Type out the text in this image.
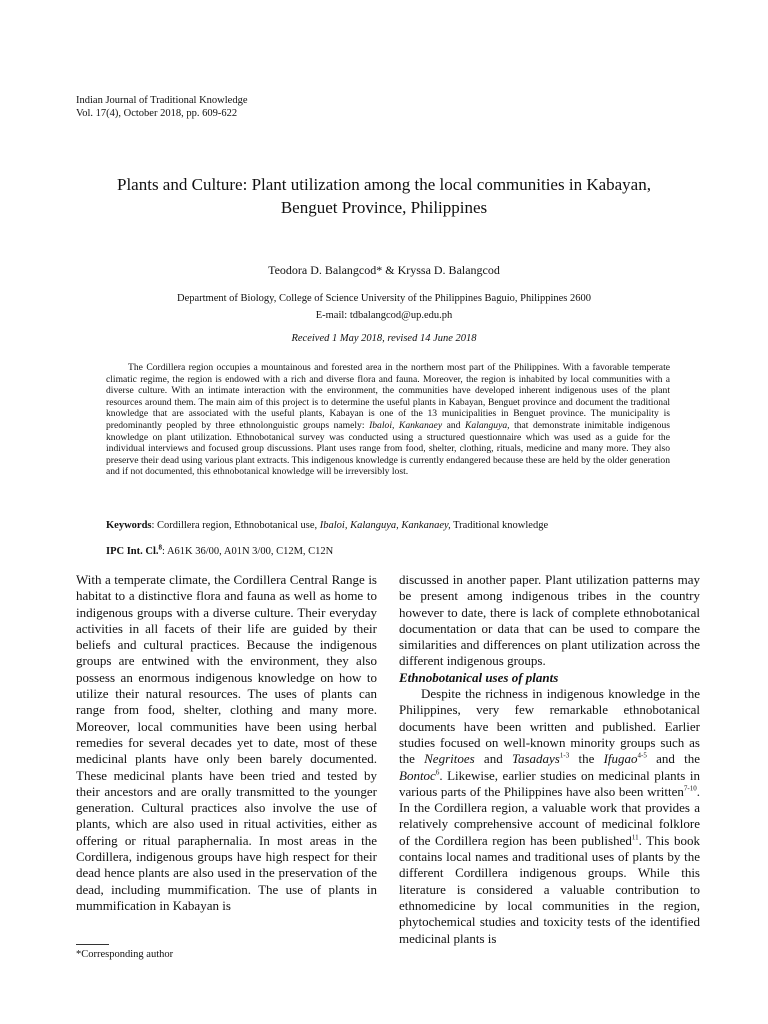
Indian Journal of Traditional Knowledge
Vol. 17(4), October 2018, pp. 609-622
Plants and Culture: Plant utilization among the local communities in Kabayan,
Benguet Province, Philippines
Teodora D. Balangcod* & Kryssa D. Balangcod
Department of Biology, College of Science University of the Philippines Baguio, Philippines 2600
E-mail: tdbalangcod@up.edu.ph
Received 1 May 2018, revised 14 June 2018

The Cordillera region occupies a mountainous and forested area in the northern most part of the Philippines. With a favorable temperate climatic regime, the region is endowed with a rich and diverse flora and fauna. Moreover, the region is inhabited by local communities with a diverse culture. With an intimate interaction with the environment, the communities have developed inherent indigenous uses of the plant resources around them. The main aim of this project is to determine the useful plants in Kabayan, Benguet province and document the traditional knowledge that are associated with the useful plants, Kabayan is one of the 13 municipalities in Benguet province. The municipality is predominantly peopled by three ethnolonguistic groups namely: Ibaloi, Kankanaey and Kalanguya, that demonstrate inimitable indigenous knowledge on plant utilization. Ethnobotanical survey was conducted using a structured questionnaire which was used as a guide for the individual interviews and focused group discussions. Plant uses range from food, shelter, clothing, rituals, medicine and many more. They also preserve their dead using various plant extracts. This indigenous knowledge is currently endangered because these are held by the older generation and if not documented, this ethnobotanical knowledge will be irreversibly lost.

Keywords: Cordillera region, Ethnobotanical use, Ibaloi, Kalanguya, Kankanaey, Traditional knowledge
IPC Int. Cl.$^8$: A61K 36/00, A01N 3/00, C12M, C12N

With a temperate climate, the Cordillera Central Range is habitat to a distinctive flora and fauna as well as home to indigenous groups with a diverse culture. Their everyday activities in all facets of their life are guided by their beliefs and cultural practices. Because the indigenous groups are entwined with the environment, they also possess an enormous indigenous knowledge on how to utilize their natural resources. The uses of plants can range from food, shelter, clothing and many more. Moreover, local communities have been using herbal remedies for several decades yet to date, most of these medicinal plants have only been barely documented. These medicinal plants have been tried and tested by their ancestors and are orally transmitted to the younger generation. Cultural practices also involve the use of plants, which are also used in ritual activities, either as offering or ritual paraphernalia. In most areas in the Cordillera, indigenous groups have high respect for their dead hence plants are also used in the preservation of the dead, including mummification. The use of plants in mummification in Kabayan is

discussed in another paper. Plant utilization patterns may be present among indigenous tribes in the country however to date, there is lack of complete ethnobotanical documentation or data that can be used to compare the similarities and differences on plant utilization across the different indigenous groups.

Ethnobotanical uses of plants

Despite the richness in indigenous knowledge in the Philippines, very few remarkable ethnobotanical documents have been written and published. Earlier studies focused on well-known minority groups such as the Negritoes and Tasadays$^{1-3}$ the Ifugao$^{4-5}$ and the Bontoc$^6$. Likewise, earlier studies on medicinal plants in various parts of the Philippines have also been written$^{7-10}$. In the Cordillera region, a valuable work that provides a relatively comprehensive account of medicinal folklore of the Cordillera region has been published$^{11}$. This book contains local names and traditional uses of plants by the different Cordillera indigenous groups. While this literature is considered a valuable contribution to ethnomedicine by local communities in the region, phytochemical studies and toxicity tests of the identified medicinal plants is

*Corresponding author
